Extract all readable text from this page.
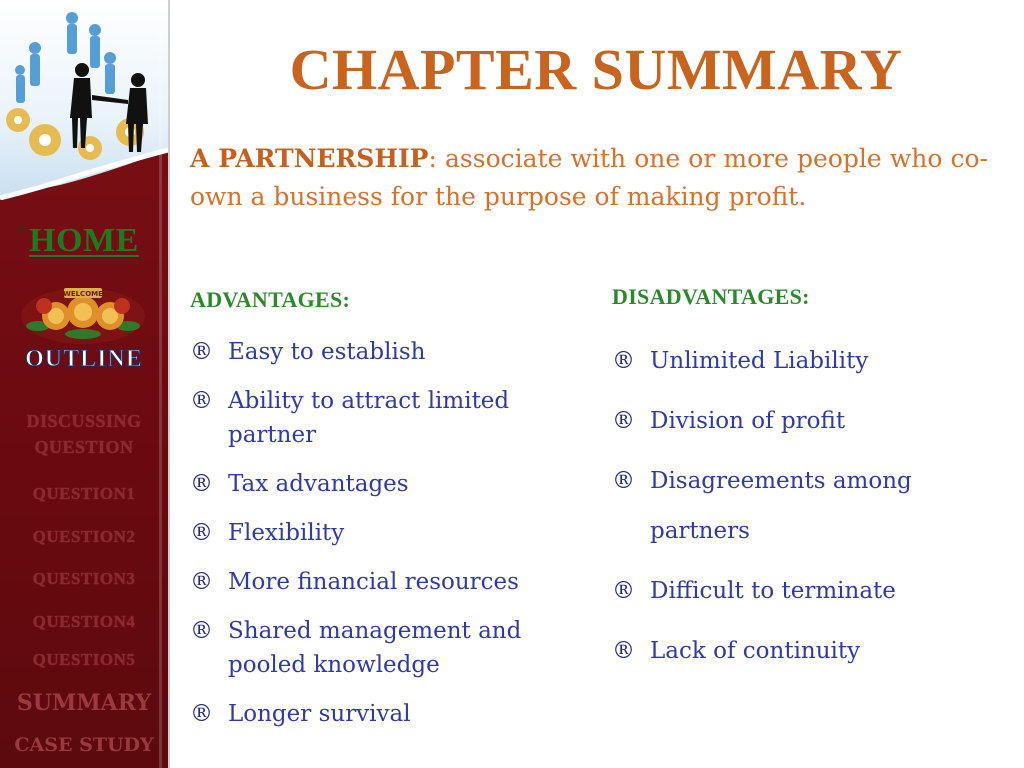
HOME
WELCOME
OUTLINE
DISCUSSING QUESTION
QUESTION1
QUESTION2
QUESTION3
QUESTION4
QUESTION5
SUMMARY
CASE STUDY
CHAPTER SUMMARY

A PARTNERSHIP: associate with one or more people who co-own a business for the purpose of making profit.

ADVANTAGES:
® Easy to establish
® Ability to attract limited partner
® Tax advantages
® Flexibility
® More financial resources
® Shared management and pooled knowledge
® Longer survival
DISADVANTAGES:
® Unlimited Liability
® Division of profit
® Disagreements among partners
® Difficult to terminate
® Lack of continuity
